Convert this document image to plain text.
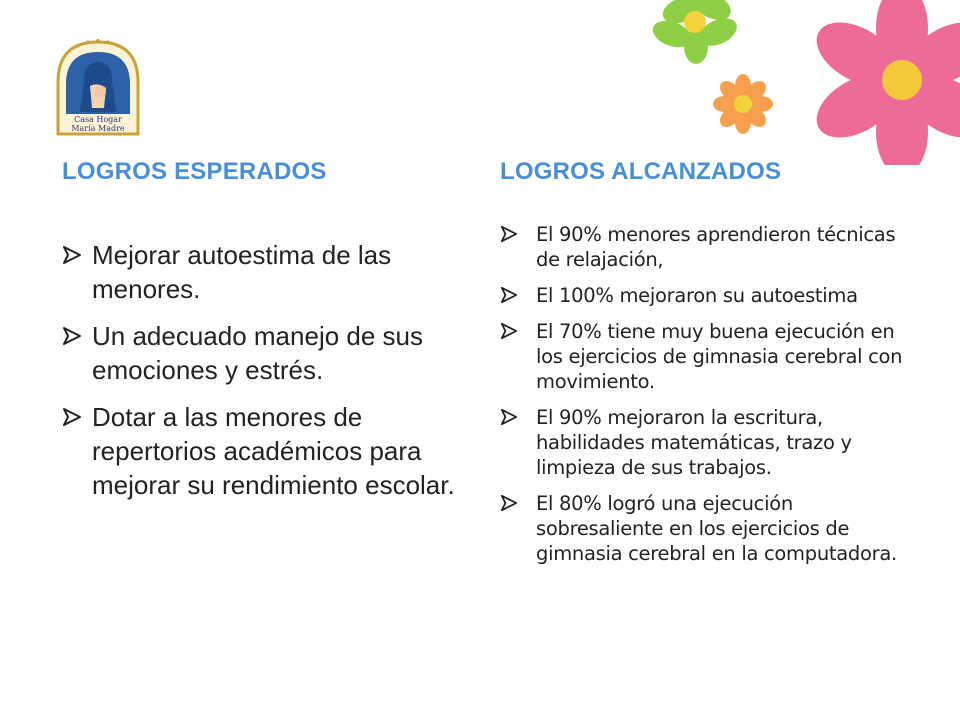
Casa Hogar
María Madre
LOGROS ESPERADOS	LOGROS ALCANZADOS
Mejorar autoestima de las menores.
Un adecuado manejo de sus emociones y estrés.
Dotar a las menores de repertorios académicos para mejorar su rendimiento escolar.
El 90% menores aprendieron técnicas de relajación,
El 100% mejoraron su autoestima
El 70% tiene muy buena ejecución en los ejercicios de gimnasia cerebral con movimiento.
El 90% mejoraron la escritura, habilidades matemáticas, trazo y limpieza de sus trabajos.
El 80% logró una ejecución sobresaliente en los ejercicios de gimnasia cerebral en la computadora.
